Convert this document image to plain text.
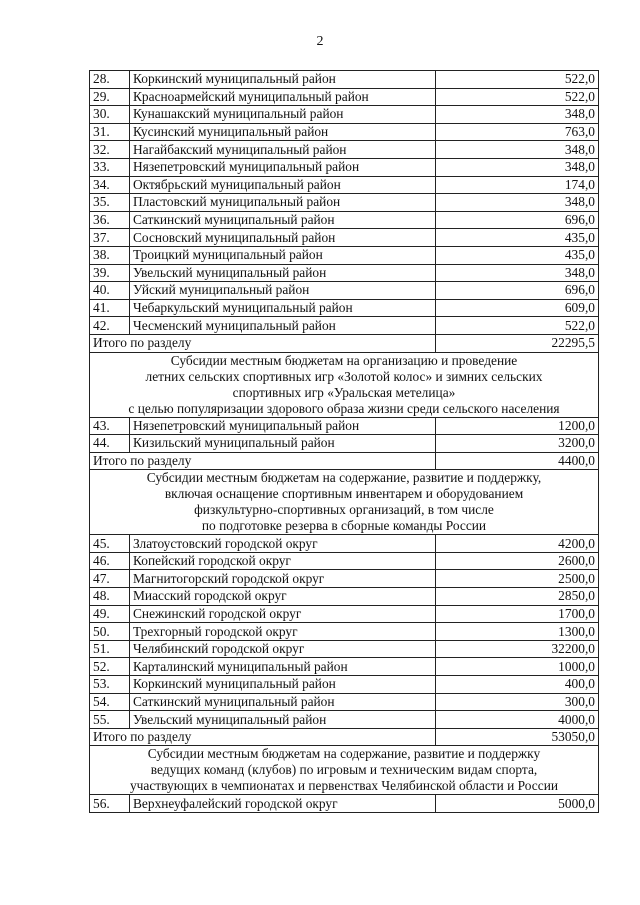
2
28.	Коркинский муниципальный район	522,0
29.	Красноармейский муниципальный район	522,0
30.	Кунашакский муниципальный район	348,0
31.	Кусинский муниципальный район	763,0
32.	Нагайбакский муниципальный район	348,0
33.	Нязепетровский муниципальный район	348,0
34.	Октябрьский муниципальный район	174,0
35.	Пластовский муниципальный район	348,0
36.	Саткинский муниципальный район	696,0
37.	Сосновский муниципальный район	435,0
38.	Троицкий муниципальный район	435,0
39.	Увельский муниципальный район	348,0
40.	Уйский муниципальный район	696,0
41.	Чебаркульский муниципальный район	609,0
42.	Чесменский муниципальный район	522,0
Итого по разделу		22295,5

Субсидии местным бюджетам на организацию и проведение
летних сельских спортивных игр «Золотой колос» и зимних сельских
спортивных игр «Уральская метелица»
с целью популяризации здорового образа жизни среди сельского населения		

43.	Нязепетровский муниципальный район	1200,0
44.	Кизильский муниципальный район	3200,0
Итого по разделу		4400,0

Субсидии местным бюджетам на содержание, развитие и поддержку,
включая оснащение спортивным инвентарем и оборудованием
физкультурно-спортивных организаций, в том числе
по подготовке резерва в сборные команды России		

45.	Златоустовский городской округ	4200,0
46.	Копейский городской округ	2600,0
47.	Магнитогорский городской округ	2500,0
48.	Миасский городской округ	2850,0
49.	Снежинский городской округ	1700,0
50.	Трехгорный городской округ	1300,0
51.	Челябинский городской округ	32200,0
52.	Карталинский муниципальный район	1000,0
53.	Коркинский муниципальный район	400,0
54.	Саткинский муниципальный район	300,0
55.	Увельский муниципальный район	4000,0
Итого по разделу		53050,0

Субсидии местным бюджетам на содержание, развитие и поддержку
ведущих команд (клубов) по игровым и техническим видам спорта,
участвующих в чемпионатах и первенствах Челябинской области и России		

56.	Верхнеуфалейский городской округ	5000,0
